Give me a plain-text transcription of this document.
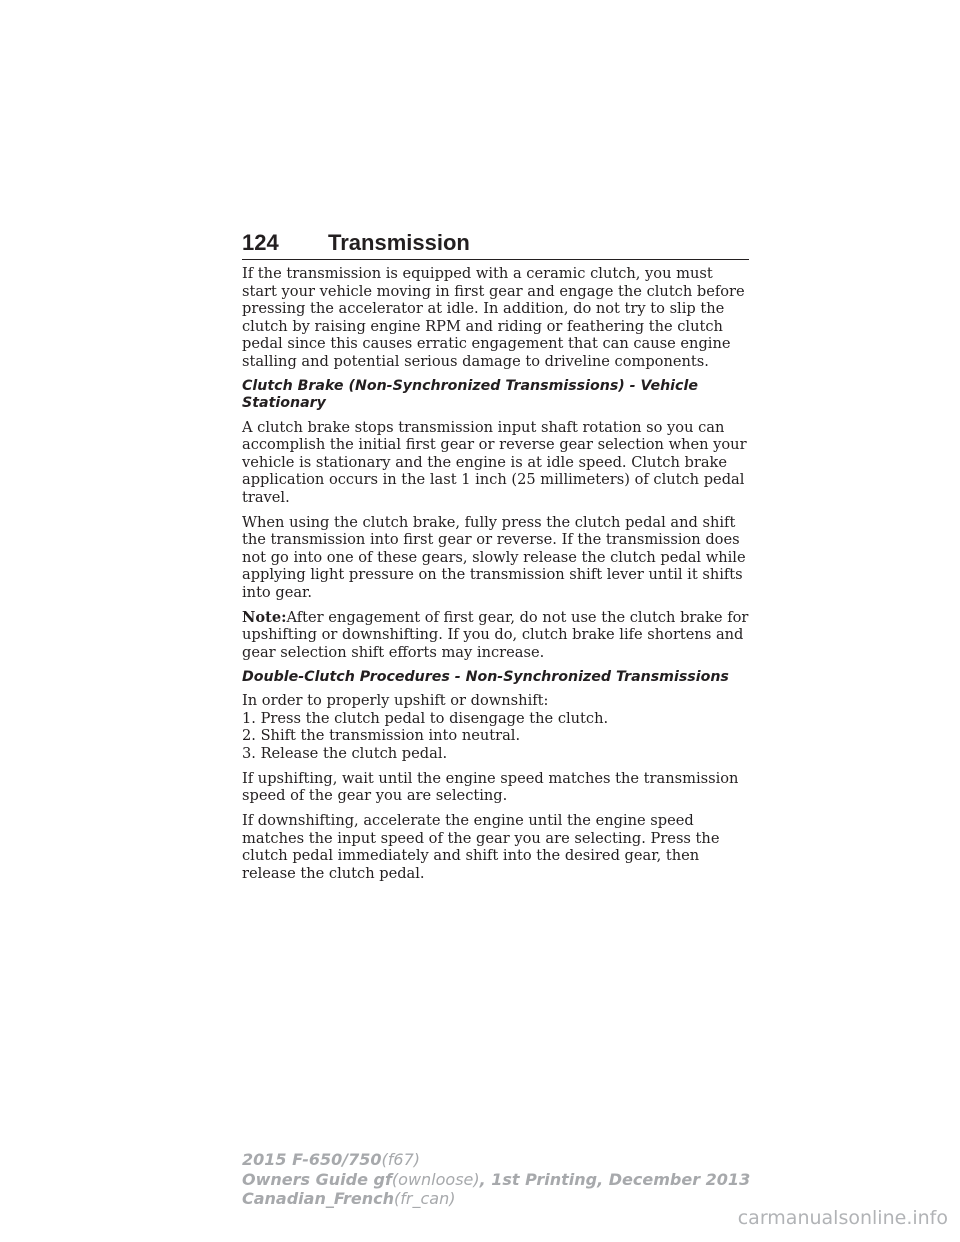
124 Transmission

If the transmission is equipped with a ceramic clutch, you must start your vehicle moving in first gear and engage the clutch before pressing the accelerator at idle. In addition, do not try to slip the clutch by raising engine RPM and riding or feathering the clutch pedal since this causes erratic engagement that can cause engine stalling and potential serious damage to driveline components.

Clutch Brake (Non-Synchronized Transmissions) - Vehicle Stationary

A clutch brake stops transmission input shaft rotation so you can accomplish the initial first gear or reverse gear selection when your vehicle is stationary and the engine is at idle speed. Clutch brake application occurs in the last 1 inch (25 millimeters) of clutch pedal travel.

When using the clutch brake, fully press the clutch pedal and shift the transmission into first gear or reverse. If the transmission does not go into one of these gears, slowly release the clutch pedal while applying light pressure on the transmission shift lever until it shifts into gear.

Note:After engagement of first gear, do not use the clutch brake for upshifting or downshifting. If you do, clutch brake life shortens and gear selection shift efforts may increase.

Double-Clutch Procedures - Non-Synchronized Transmissions
In order to properly upshift or downshift:
1. Press the clutch pedal to disengage the clutch.
2. Shift the transmission into neutral.
3. Release the clutch pedal.

If upshifting, wait until the engine speed matches the transmission speed of the gear you are selecting.

If downshifting, accelerate the engine until the engine speed matches the input speed of the gear you are selecting. Press the clutch pedal immediately and shift into the desired gear, then release the clutch pedal.

2015 F-650/750(f67)
Owners Guide gf(ownloose), 1st Printing, December 2013
Canadian_French(fr_can)
carmanualsonline.info
